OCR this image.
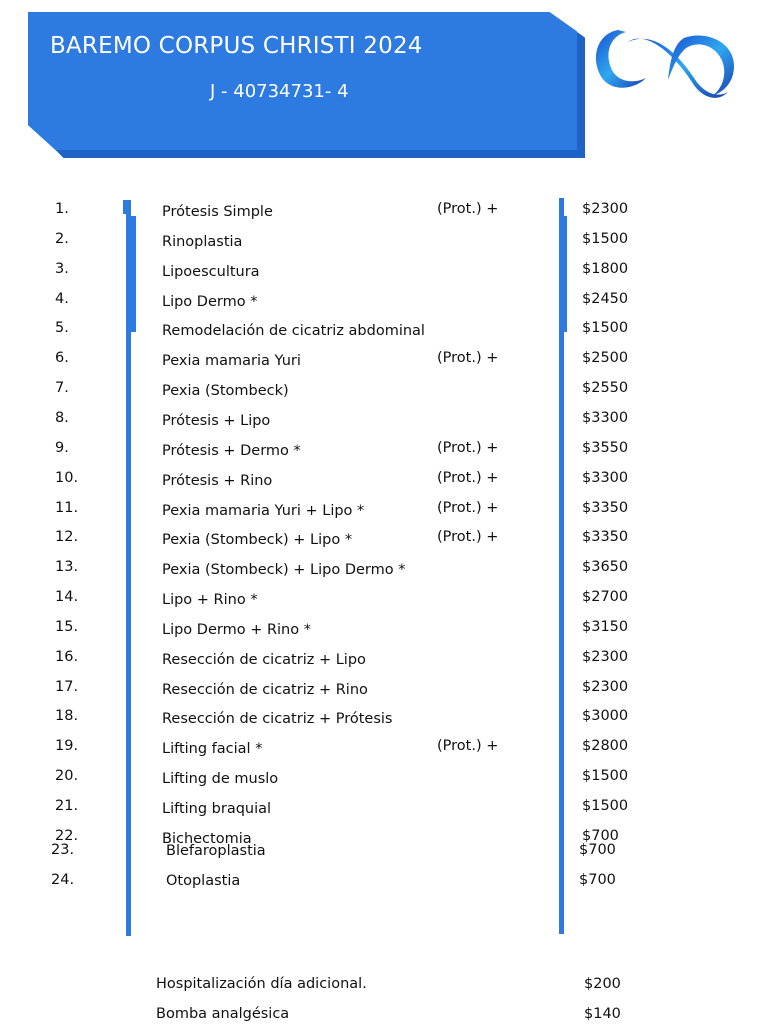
BAREMO CORPUS CHRISTI 2024
J - 40734731- 4
1.	Prótesis Simple	(Prot.) +	$2300
2.	Rinoplastia	$1500
3.	Lipoescultura	$1800
4.	Lipo Dermo *	$2450
5.	Remodelación de cicatriz abdominal	$1500
6.	Pexia mamaria Yuri	(Prot.) +	$2500
7.	Pexia (Stombeck)	$2550
8.	Prótesis + Lipo	$3300
9.	Prótesis + Dermo *	(Prot.) +	$3550
10.	Prótesis + Rino	(Prot.) +	$3300
11.	Pexia mamaria Yuri + Lipo *	(Prot.) +	$3350
12.	Pexia (Stombeck) + Lipo *	(Prot.) +	$3350
13.	Pexia (Stombeck) + Lipo Dermo *	$3650
14.	Lipo + Rino *	$2700
15.	Lipo Dermo + Rino *	$3150
16.	Resección de cicatriz + Lipo	$2300
17.	Resección de cicatriz + Rino	$2300
18.	Resección de cicatriz + Prótesis	$3000
19.	Lifting facial *	(Prot.) +	$2800
20.	Lifting de muslo	$1500
21.	Lifting braquial	$1500
22.	Bichectomia	$700
23.	Blefaroplastia	$700
24.	Otoplastia	$700
Hospitalización día adicional.	$200
Bomba analgésica	$140
